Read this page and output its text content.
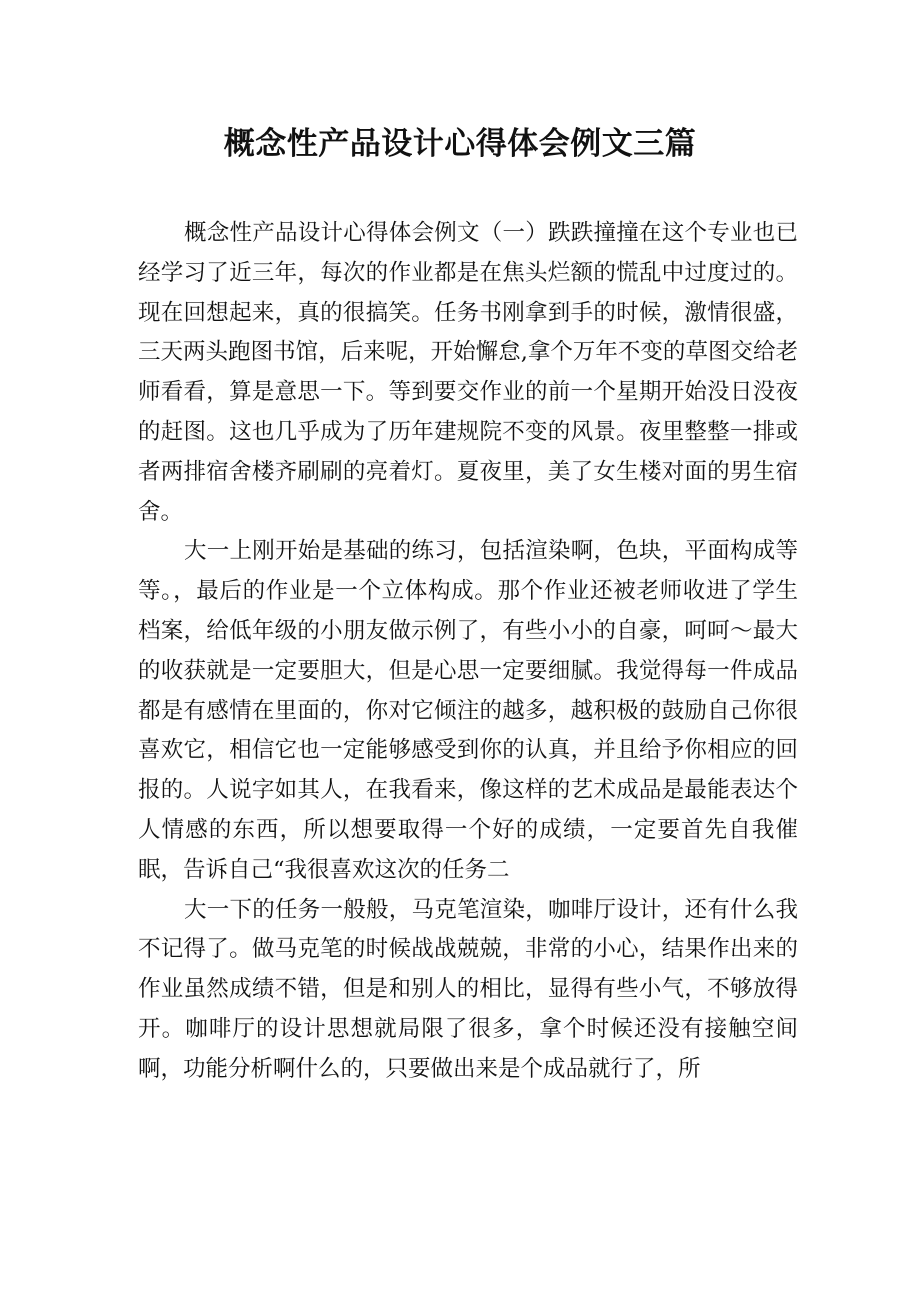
概念性产品设计心得体会例文三篇

概念性产品设计心得体会例文（一）跌跌撞撞在这个专业也已经学习了近三年，每次的作业都是在焦头烂额的慌乱中过度过的。现在回想起来，真的很搞笑。任务书刚拿到手的时候，激情很盛，三天两头跑图书馆，后来呢，开始懈怠,拿个万年不变的草图交给老师看看，算是意思一下。等到要交作业的前一个星期开始没日没夜的赶图。这也几乎成为了历年建规院不变的风景。夜里整整一排或者两排宿舍楼齐刷刷的亮着灯。夏夜里，美了女生楼对面的男生宿舍。

大一上刚开始是基础的练习，包括渲染啊，色块，平面构成等等。，最后的作业是一个立体构成。那个作业还被老师收进了学生档案，给低年级的小朋友做示例了，有些小小的自豪，呵呵～最大的收获就是一定要胆大，但是心思一定要细腻。我觉得每一件成品都是有感情在里面的，你对它倾注的越多，越积极的鼓励自己你很喜欢它，相信它也一定能够感受到你的认真，并且给予你相应的回报的。人说字如其人，在我看来，像这样的艺术成品是最能表达个人情感的东西，所以想要取得一个好的成绩，一定要首先自我催眠，告诉自己“我很喜欢这次的任务二

大一下的任务一般般，马克笔渲染，咖啡厅设计，还有什么我不记得了。做马克笔的时候战战兢兢，非常的小心，结果作出来的作业虽然成绩不错，但是和别人的相比，显得有些小气，不够放得开。咖啡厅的设计思想就局限了很多，拿个时候还没有接触空间啊，功能分析啊什么的，只要做出来是个成品就行了，所
